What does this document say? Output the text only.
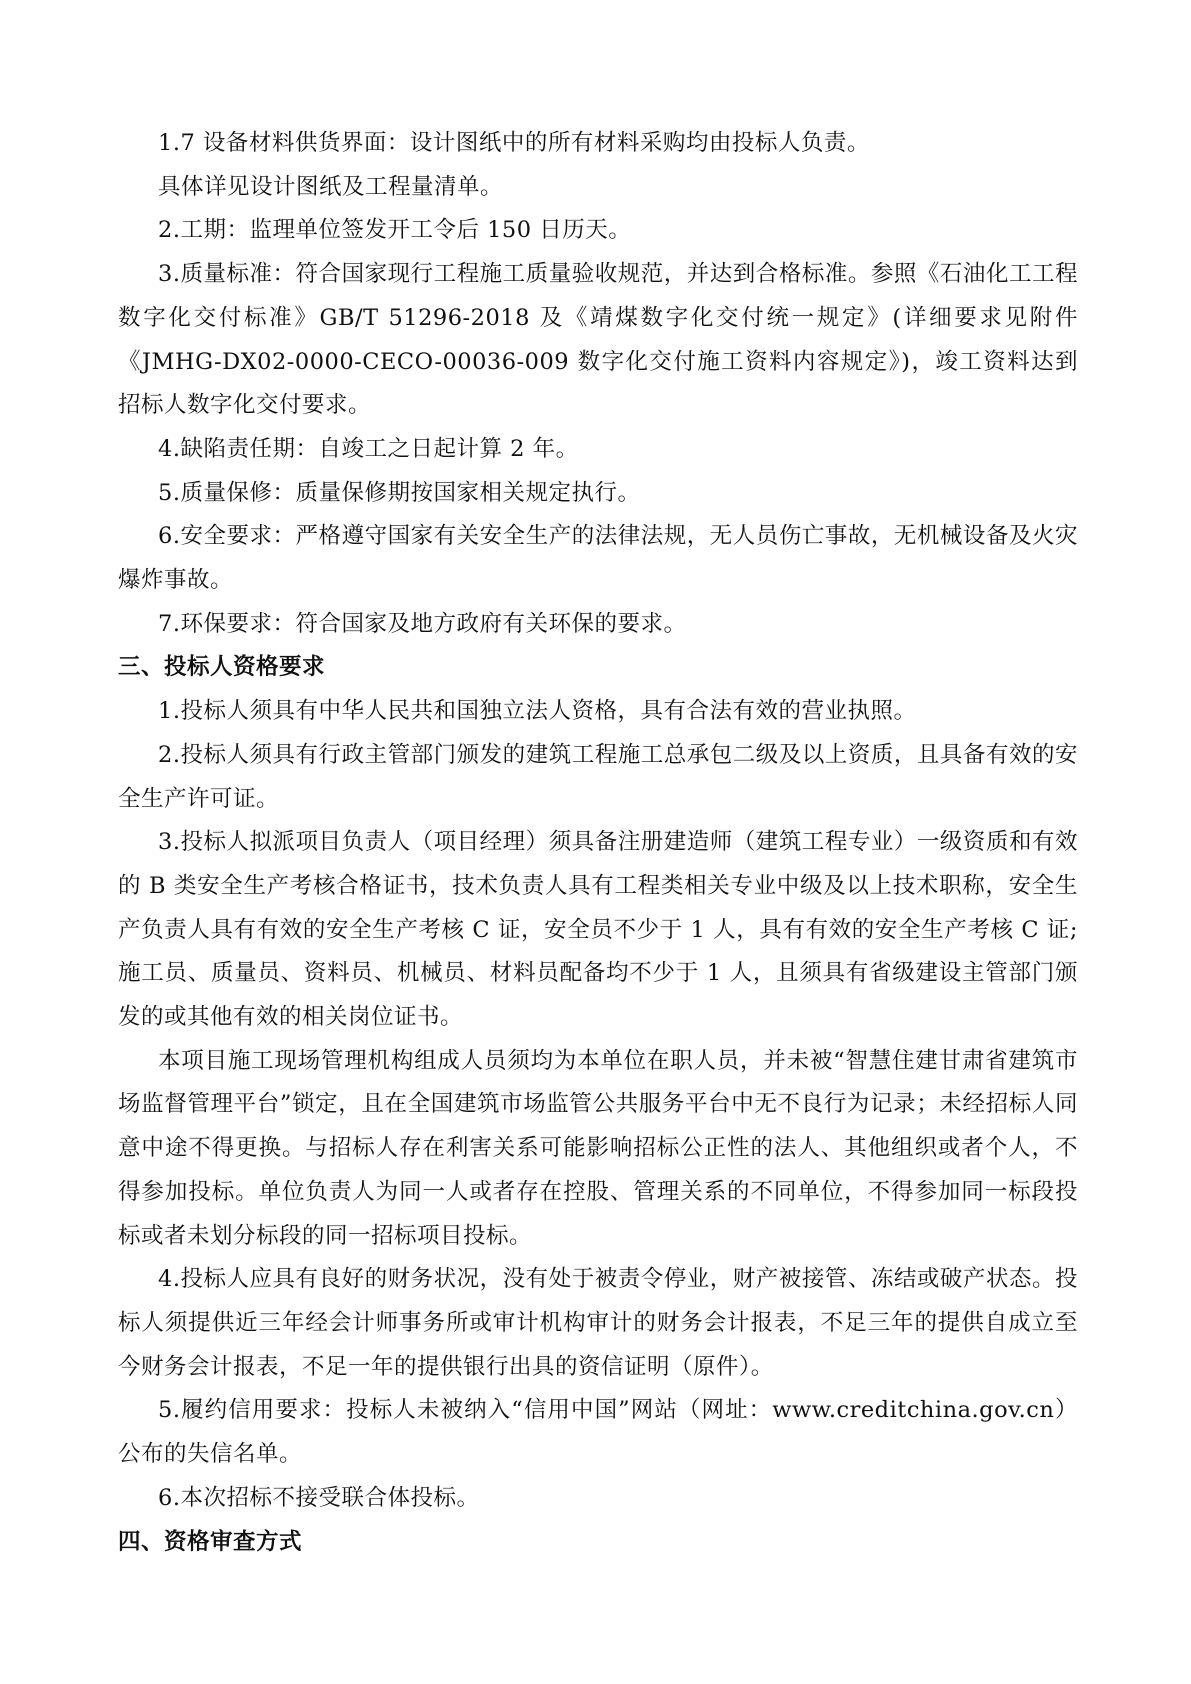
1.7 设备材料供货界面：设计图纸中的所有材料采购均由投标人负责。

具体详见设计图纸及工程量清单。

2.工期：监理单位签发开工令后 150 日历天。

3.质量标准：符合国家现行工程施工质量验收规范，并达到合格标准。参照《石油化工工程数字化交付标准》GB/T 51296-2018 及《靖煤数字化交付统一规定》(详细要求见附件《JMHG-DX02-0000-CECO-00036-009 数字化交付施工资料内容规定》)，竣工资料达到招标人数字化交付要求。

4.缺陷责任期：自竣工之日起计算 2 年。

5.质量保修：质量保修期按国家相关规定执行。

6.安全要求：严格遵守国家有关安全生产的法律法规，无人员伤亡事故，无机械设备及火灾爆炸事故。

7.环保要求：符合国家及地方政府有关环保的要求。

三、投标人资格要求

1.投标人须具有中华人民共和国独立法人资格，具有合法有效的营业执照。

2.投标人须具有行政主管部门颁发的建筑工程施工总承包二级及以上资质，且具备有效的安全生产许可证。

3.投标人拟派项目负责人（项目经理）须具备注册建造师（建筑工程专业）一级资质和有效的 B 类安全生产考核合格证书，技术负责人具有工程类相关专业中级及以上技术职称，安全生产负责人具有有效的安全生产考核 C 证，安全员不少于 1 人，具有有效的安全生产考核 C 证;施工员、质量员、资料员、机械员、材料员配备均不少于 1 人，且须具有省级建设主管部门颁发的或其他有效的相关岗位证书。

本项目施工现场管理机构组成人员须均为本单位在职人员，并未被“智慧住建甘肃省建筑市场监督管理平台”锁定，且在全国建筑市场监管公共服务平台中无不良行为记录；未经招标人同意中途不得更换。与招标人存在利害关系可能影响招标公正性的法人、其他组织或者个人，不得参加投标。单位负责人为同一人或者存在控股、管理关系的不同单位，不得参加同一标段投标或者未划分标段的同一招标项目投标。

4.投标人应具有良好的财务状况，没有处于被责令停业，财产被接管、冻结或破产状态。投标人须提供近三年经会计师事务所或审计机构审计的财务会计报表，不足三年的提供自成立至今财务会计报表，不足一年的提供银行出具的资信证明（原件）。

5.履约信用要求：投标人未被纳入“信用中国”网站（网址：www.creditchina.gov.cn）公布的失信名单。

6.本次招标不接受联合体投标。

四、资格审查方式
